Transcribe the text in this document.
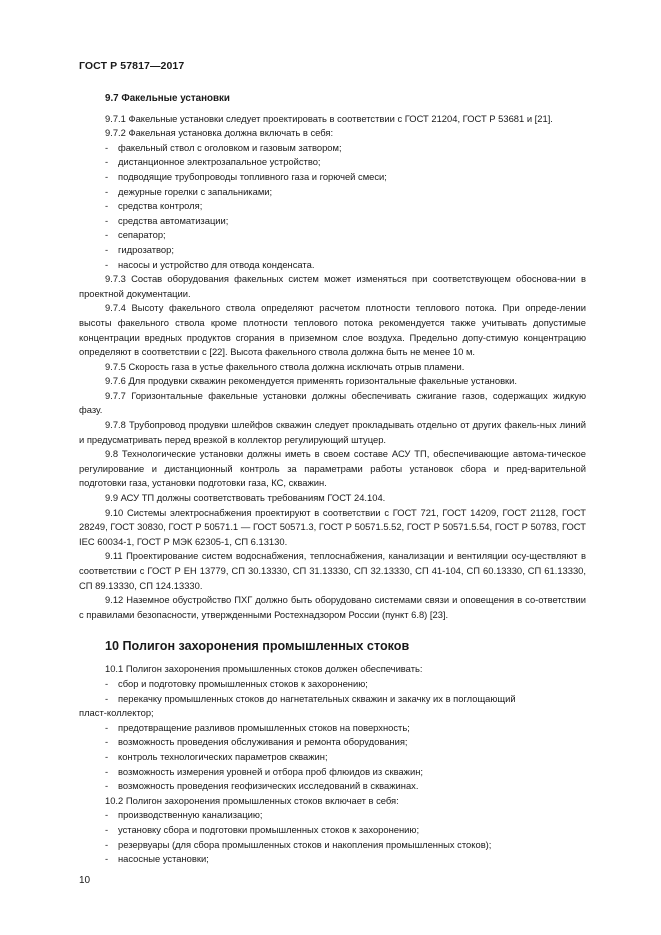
ГОСТ Р 57817—2017
9.7 Факельные установки

9.7.1 Факельные установки следует проектировать в соответствии с ГОСТ 21204, ГОСТ Р 53681 и [21].

9.7.2 Факельная установка должна включать в себя:

- факельный ствол с оголовком и газовым затвором;
- дистанционное электрозапальное устройство;
- подводящие трубопроводы топливного газа и горючей смеси;
- дежурные горелки с запальниками;
- средства контроля;
- средства автоматизации;
- сепаратор;
- гидрозатвор;
- насосы и устройство для отвода конденсата.

9.7.3 Состав оборудования факельных систем может изменяться при соответствующем обоснова-нии в проектной документации.

9.7.4 Высоту факельного ствола определяют расчетом плотности теплового потока. При опреде-лении высоты факельного ствола кроме плотности теплового потока рекомендуется также учитывать допустимые концентрации вредных продуктов сгорания в приземном слое воздуха. Предельно допу-стимую концентрацию определяют в соответствии с [22]. Высота факельного ствола должна быть не менее 10 м.

9.7.5 Скорость газа в устье факельного ствола должна исключать отрыв пламени.

9.7.6 Для продувки скважин рекомендуется применять горизонтальные факельные установки.

9.7.7 Горизонтальные факельные установки должны обеспечивать сжигание газов, содержащих жидкую фазу.

9.7.8 Трубопровод продувки шлейфов скважин следует прокладывать отдельно от других факель-ных линий и предусматривать перед врезкой в коллектор регулирующий штуцер.

9.8 Технологические установки должны иметь в своем составе АСУ ТП, обеспечивающие автома-тическое регулирование и дистанционный контроль за параметрами работы установок сбора и пред-варительной подготовки газа, установки подготовки газа, КС, скважин.

9.9 АСУ ТП должны соответствовать требованиям ГОСТ 24.104.

9.10 Системы электроснабжения проектируют в соответствии с ГОСТ 721, ГОСТ 14209, ГОСТ 21128, ГОСТ 28249, ГОСТ 30830, ГОСТ Р 50571.1 — ГОСТ 50571.3, ГОСТ Р 50571.5.52, ГОСТ Р 50571.5.54, ГОСТ Р 50783, ГОСТ IEC 60034-1, ГОСТ Р МЭК 62305-1, СП 6.13130.

9.11 Проектирование систем водоснабжения, теплоснабжения, канализации и вентиляции осу-ществляют в соответствии с ГОСТ Р ЕН 13779, СП 30.13330, СП 31.13330, СП 32.13330, СП 41-104, СП 60.13330, СП 61.13330, СП 89.13330, СП 124.13330.

9.12 Наземное обустройство ПХГ должно быть оборудовано системами связи и оповещения в со-ответствии с правилами безопасности, утвержденными Ростехнадзором России (пункт 6.8) [23].

10 Полигон захоронения промышленных стоков

10.1 Полигон захоронения промышленных стоков должен обеспечивать:

- сбор и подготовку промышленных стоков к захоронению;
- перекачку промышленных стоков до нагнетательных скважин и закачку их в поглощающий

пласт-коллектор;

- предотвращение разливов промышленных стоков на поверхность;
- возможность проведения обслуживания и ремонта оборудования;
- контроль технологических параметров скважин;
- возможность измерения уровней и отбора проб флюидов из скважин;
- возможность проведения геофизических исследований в скважинах.

10.2 Полигон захоронения промышленных стоков включает в себя:

- производственную канализацию;
- установку сбора и подготовки промышленных стоков к захоронению;
- резервуары (для сбора промышленных стоков и накопления промышленных стоков);
- насосные установки;
10
